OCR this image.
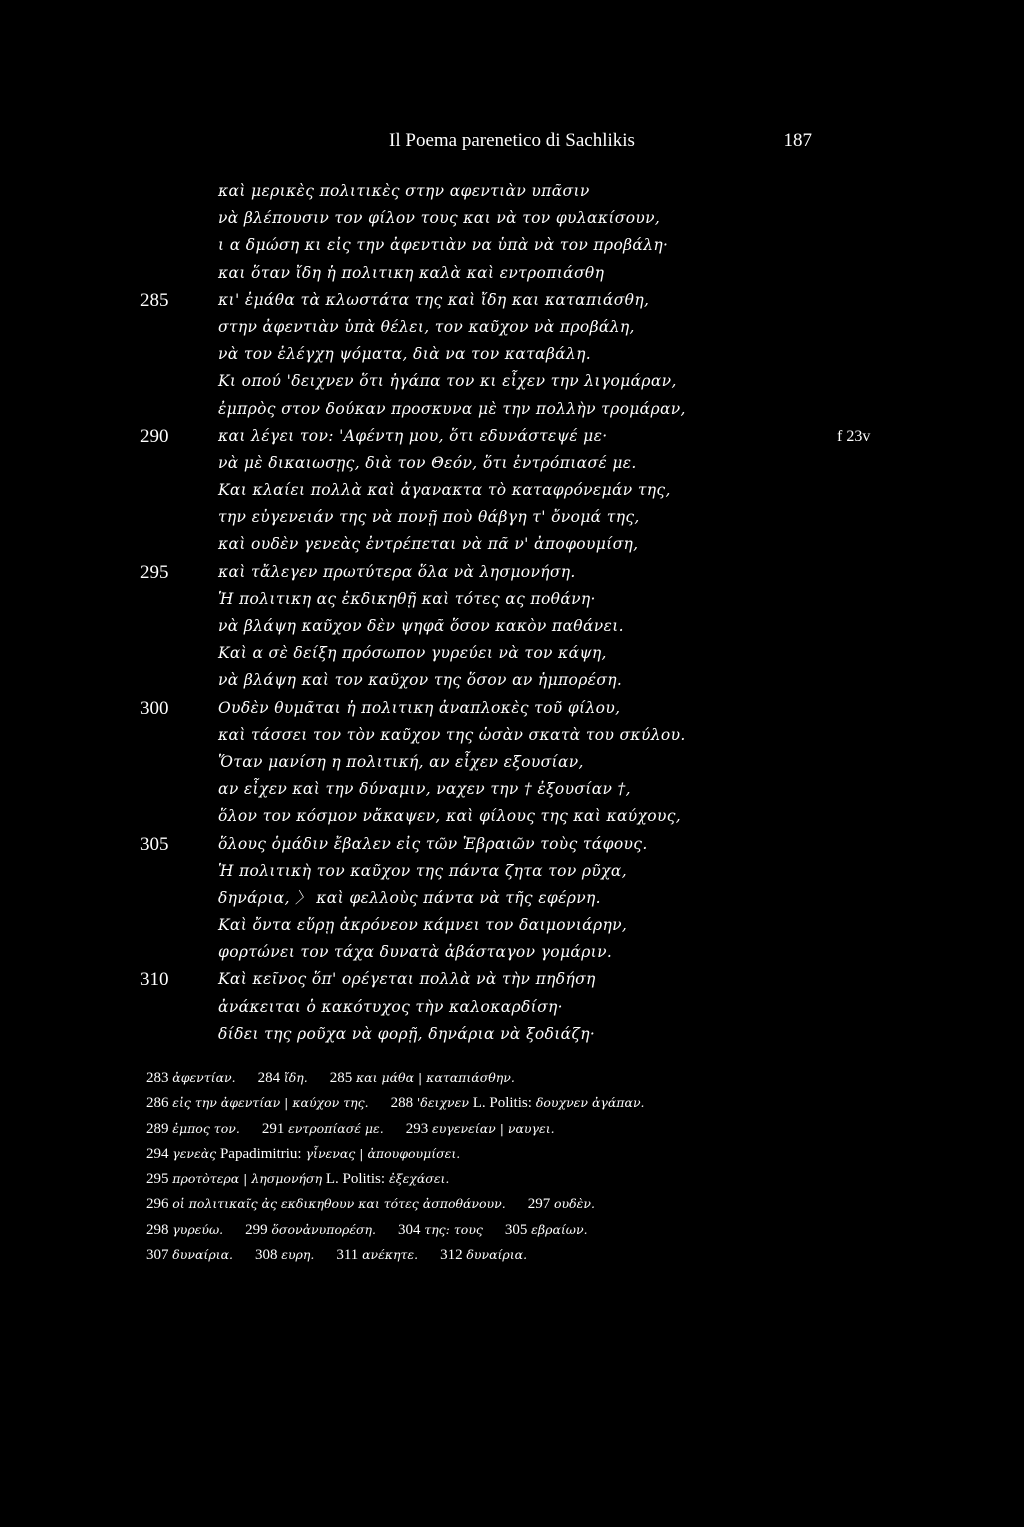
Il Poema parenetico di Sachlikis	187
καὶ μερικὲς πολιτικὲς στην αφεντιὰν υπᾶσιν
νὰ βλέπουσιν τον φίλον τους και νὰ τον φυλακίσουν,
ι α δμώση κι εἰς την ἀφεντιὰν να ὑπὰ νὰ τον προβάλη·
και ὅταν ἴδη ἡ πολιτικη καλὰ καὶ εντροπιάσθη
285	κι' ἐμάθα τὰ κλωστάτα της καὶ ἴδη και καταπιάσθη,
στην ἀφεντιὰν ὑπὰ θέλει, τον καῦχον νὰ προβάλη,
νὰ τον ἐλέγχη ψόματα, διὰ να τον καταβάλη.
Κι οπού 'δειχνεν ὅτι ἠγάπα τον κι εἶχεν την λιγομάραν,
ἐμπρὸς στον δούκαν προσκυνα μὲ την πολλὴν τρομάραν,
290	και λέγει τον: 'Αφέντη μου, ὅτι εδυνάστεψέ με·	f 23v
νὰ μὲ δικαιωσῃς, διὰ τον Θεόν, ὅτι ἐντρόπιασέ με.
Και κλαίει πολλὰ καὶ ἀγανακτα τὸ καταφρόνεμάν της,
την εὐγενειάν της νὰ πονῇ ποὺ θάβγη τ' ὄνομά της,
καὶ ουδὲν γενεὰς ἐντρέπεται νὰ πᾶ ν' ἀποφουμίση,
295	καὶ τἄλεγεν πρωτύτερα ὅλα νὰ λησμονήση.
Ἡ πολιτικη ας ἐκδικηθῇ καὶ τότες ας ποθάνη·
νὰ βλάψη καῦχον δὲν ψηφᾶ ὅσον κακὸν παθάνει.
Καὶ α σὲ δείξη πρόσωπον γυρεύει νὰ τον κάψη,
νὰ βλάψη καὶ τον καῦχον της ὅσον αν ἠμπορέση.
300	Ουδὲν θυμᾶται ἡ πολιτικη ἀναπλοκὲς τοῦ φίλου,
καὶ τάσσει τον τὸν καῦχον της ὡσὰν σκατὰ του σκύλου.
Ὅταν μανίση η πολιτική, αν εἶχεν εξουσίαν,
αν εἶχεν καὶ την δύναμιν, ναχεν την † ἐξουσίαν †,
ὅλον τον κόσμον νἄκαψεν, καὶ φίλους της καὶ καύχους,
305	ὅλους ὁμάδιν ἔβαλεν εἰς τῶν Ἑβραιῶν τοὺς τάφους.
Ἡ πολιτικὴ τον καῦχον της πάντα ζητα τον ρῦχα,
δηνάρια, 〉 καὶ φελλοὺς πάντα νὰ τῆς εφέρνη.
Καὶ ὄντα εὕρῃ ἀκρόνεον κάμνει τον δαιμονιάρην,
φορτώνει τον τάχα δυνατὰ ἀβάσταγον γομάριν.
310	Καὶ κεῖνος ὅπ' ορέγεται πολλὰ νὰ τὴν πηδήση
ἀνάκειται ὁ κακότυχος τὴν καλοκαρδίση·
δίδει της ροῦχα νὰ φορῇ, δηνάρια νὰ ξοδιάζη·
283 ἀφεντίαν. 284 ἴδη. 285 και μάθα | καταπιάσθην.
286 εἰς την ἀφεντίαν | καύχον της. 288 'δειχνεν L. Politis: δουχνεν ἀγάπαν.
289 ἐμπος τον. 291 εντροπίασέ με. 293 ευγενείαν | ναυγει.
294 γενεὰς Papadimitriu: γἶνενας | ἀπουφουμίσει.
295 προτὸτερα | λησμονήση L. Politis: ἐξεχάσει.
296 οἱ πολιτικαῖς ἀς εκδικηθουν και τότες ἀσποθάνουν. 297 ουδὲν.
298 γυρεύω. 299 ὅσονἀνυπορέση. 304 της: τους 305 εβραίων.
307 δυναίρια. 308 ευρη. 311 ανέκητε. 312 δυναίρια.
